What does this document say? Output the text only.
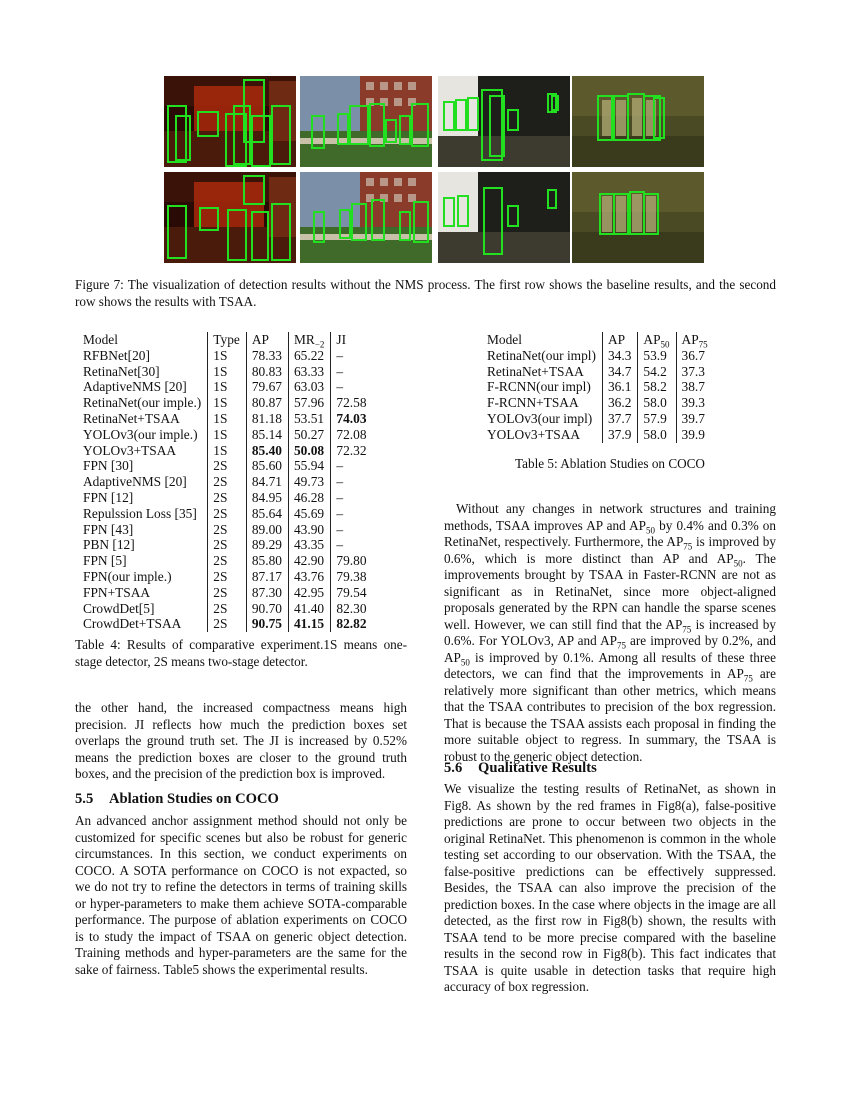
Figure 7: The visualization of detection results without the NMS process. The first row shows the baseline results, and the second row shows the results with TSAA.
Model	Type	AP	$MR_{-2}$	JI
RFBNet[20]	1S	78.33	65.22	–
RetinaNet[30]	1S	80.83	63.33	–
AdaptiveNMS [20]	1S	79.67	63.03	–
RetinaNet(our imple.)	1S	80.87	57.96	72.58
RetinaNet+TSAA	1S	81.18	53.51	74.03
YOLOv3(our imple.)	1S	85.14	50.27	72.08
YOLOv3+TSAA	1S	85.40	50.08	72.32
FPN [30]	2S	85.60	55.94	–
AdaptiveNMS [20]	2S	84.71	49.73	–
FPN [12]	2S	84.95	46.28	–
Repulssion Loss [35]	2S	85.64	45.69	–
FPN [43]	2S	89.00	43.90	–
PBN [12]	2S	89.29	43.35	–
FPN [5]	2S	85.80	42.90	79.80
FPN(our imple.)	2S	87.17	43.76	79.38
FPN+TSAA	2S	87.30	42.95	79.54
CrowdDet[5]	2S	90.70	41.40	82.30
CrowdDet+TSAA	2S	90.75	41.15	82.82
Table 4: Results of comparative experiment.1S means one-stage detector, 2S means two-stage detector.
Model	AP	$AP_{50}$	$AP_{75}$
RetinaNet(our impl)	34.3	53.9	36.7
RetinaNet+TSAA	34.7	54.2	37.3
F-RCNN(our impl)	36.1	58.2	38.7
F-RCNN+TSAA	36.2	58.0	39.3
YOLOv3(our impl)	37.7	57.9	39.7
YOLOv3+TSAA	37.9	58.0	39.9
Table 5: Ablation Studies on COCO
the other hand, the increased compactness means high precision. JI reflects how much the prediction boxes set overlaps the ground truth set. The JI is increased by 0.52% means the prediction boxes are closer to the ground truth boxes, and the precision of the prediction box is improved.
5.5 Ablation Studies on COCO
An advanced anchor assignment method should not only be customized for specific scenes but also be robust for generic circumstances. In this section, we conduct experiments on COCO. A SOTA performance on COCO is not expacted, so we do not try to refine the detectors in terms of training skills or hyper-parameters to make them achieve SOTA-comparable performance. The purpose of ablation experiments on COCO is to study the impact of TSAA on generic object detection. Training methods and hyper-parameters are the same for the sake of fairness. Table5 shows the experimental results.
Without any changes in network structures and training methods, TSAA improves AP and $AP_{50}$ by 0.4% and 0.3% on RetinaNet, respectively. Furthermore, the $AP_{75}$ is improved by 0.6%, which is more distinct than AP and $AP_{50}$. The improvements brought by TSAA in Faster-RCNN are not as significant as in RetinaNet, since more object-aligned proposals generated by the RPN can handle the sparse scenes well. However, we can still find that the $AP_{75}$ is increased by 0.6%. For YOLOv3, AP and $AP_{75}$ are improved by 0.2%, and $AP_{50}$ is improved by 0.1%. Among all results of these three detectors, we can find that the improvements in $AP_{75}$ are relatively more significant than other metrics, which means that the TSAA contributes to precision of the box regression. That is because the TSAA assists each proposal in finding the more suitable object to regress. In summary, the TSAA is robust to the generic object detection.
5.6 Qualitative Results
We visualize the testing results of RetinaNet, as shown in Fig8. As shown by the red frames in Fig8(a), false-positive predictions are prone to occur between two objects in the original RetinaNet. This phenomenon is common in the whole testing set according to our observation. With the TSAA, the false-positive predictions can be effectively suppressed. Besides, the TSAA can also improve the precision of the prediction boxes. In the case where objects in the image are all detected, as the first row in Fig8(b) shown, the results with TSAA tend to be more precise compared with the baseline results in the second row in Fig8(b). This fact indicates that TSAA is quite usable in detection tasks that require high accuracy of box regression.
